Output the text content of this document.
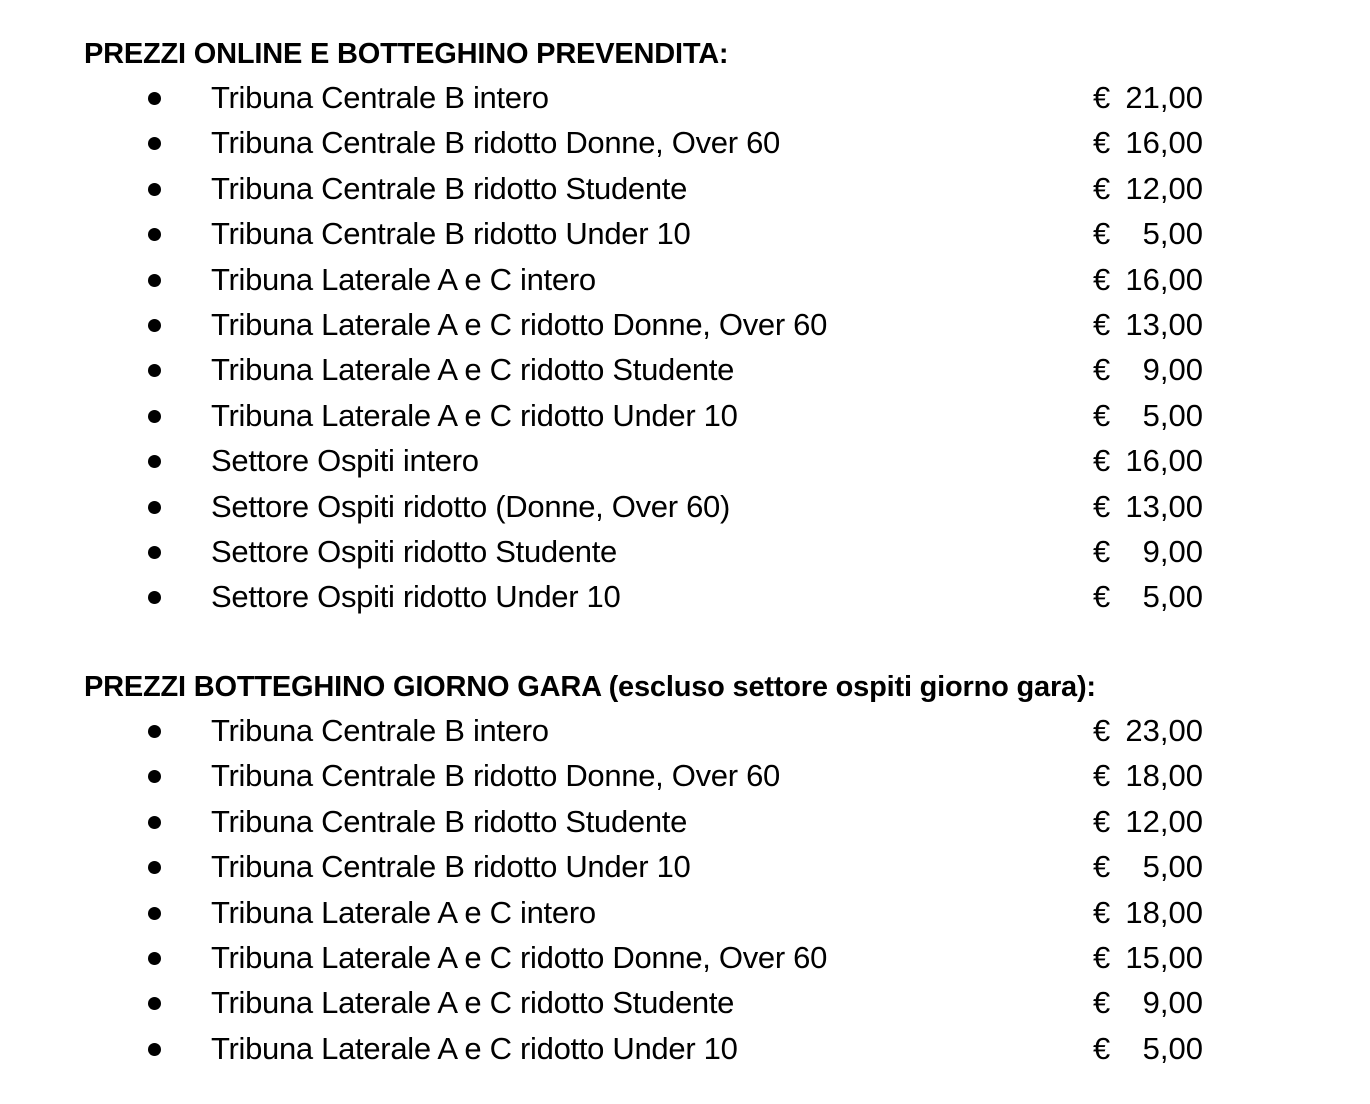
PREZZI ONLINE E BOTTEGHINO PREVENDITA:
Tribuna Centrale B intero	€ 21,00
Tribuna Centrale B ridotto Donne, Over 60	€ 16,00
Tribuna Centrale B ridotto Studente	€ 12,00
Tribuna Centrale B ridotto Under 10	€ 5,00
Tribuna Laterale A e C intero	€ 16,00
Tribuna Laterale A e C ridotto Donne, Over 60	€ 13,00
Tribuna Laterale A e C ridotto Studente	€ 9,00
Tribuna Laterale A e C ridotto Under 10	€ 5,00
Settore Ospiti intero	€ 16,00
Settore Ospiti ridotto (Donne, Over 60)	€ 13,00
Settore Ospiti ridotto Studente	€ 9,00
Settore Ospiti ridotto Under 10	€ 5,00
PREZZI BOTTEGHINO GIORNO GARA (escluso settore ospiti giorno gara):
Tribuna Centrale B intero	€ 23,00
Tribuna Centrale B ridotto Donne, Over 60	€ 18,00
Tribuna Centrale B ridotto Studente	€ 12,00
Tribuna Centrale B ridotto Under 10	€ 5,00
Tribuna Laterale A e C intero	€ 18,00
Tribuna Laterale A e C ridotto Donne, Over 60	€ 15,00
Tribuna Laterale A e C ridotto Studente	€ 9,00
Tribuna Laterale A e C ridotto Under 10	€ 5,00
